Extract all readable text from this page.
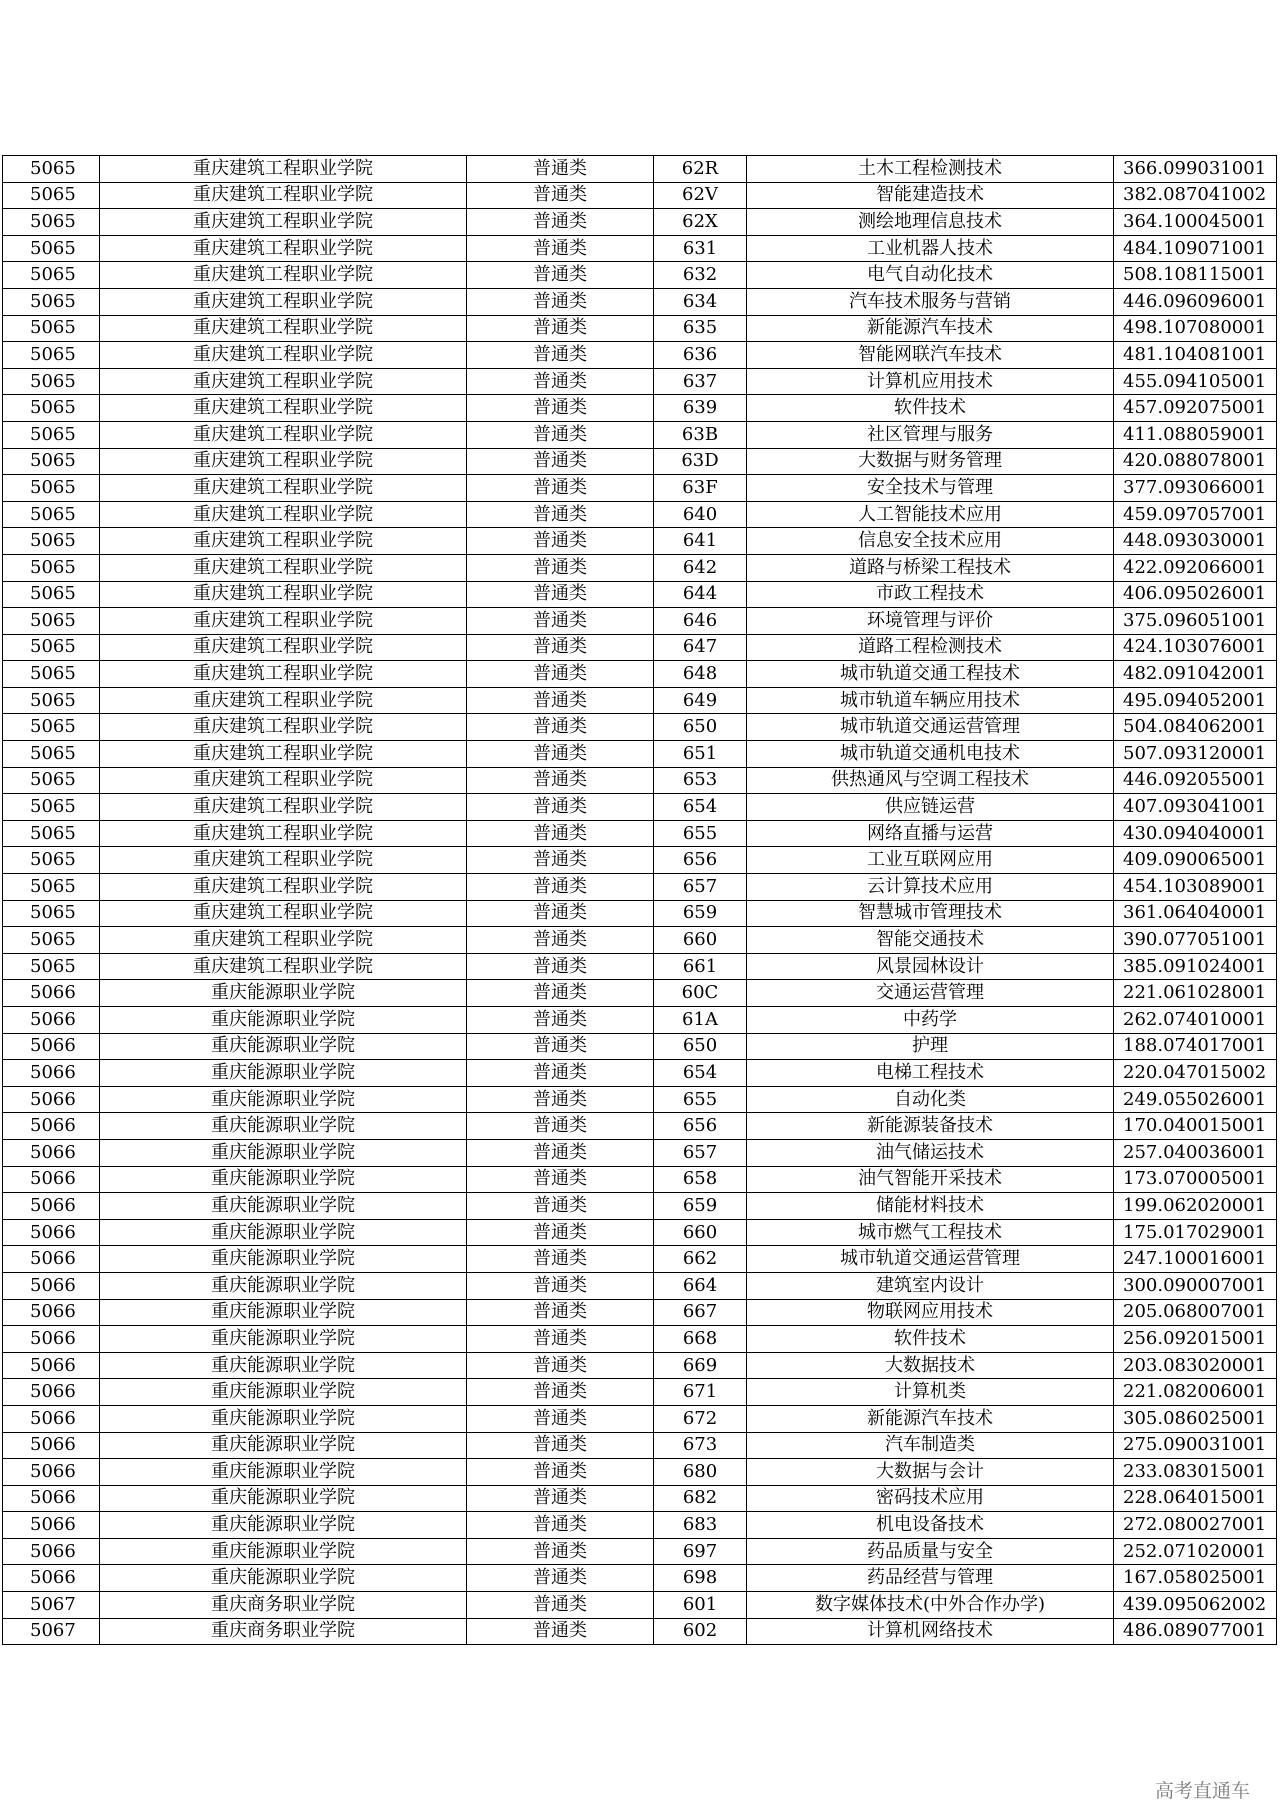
5065	重庆建筑工程职业学院	普通类	62R	土木工程检测技术	366.099031001
5065	重庆建筑工程职业学院	普通类	62V	智能建造技术	382.087041002
5065	重庆建筑工程职业学院	普通类	62X	测绘地理信息技术	364.100045001
5065	重庆建筑工程职业学院	普通类	631	工业机器人技术	484.109071001
5065	重庆建筑工程职业学院	普通类	632	电气自动化技术	508.108115001
5065	重庆建筑工程职业学院	普通类	634	汽车技术服务与营销	446.096096001
5065	重庆建筑工程职业学院	普通类	635	新能源汽车技术	498.107080001
5065	重庆建筑工程职业学院	普通类	636	智能网联汽车技术	481.104081001
5065	重庆建筑工程职业学院	普通类	637	计算机应用技术	455.094105001
5065	重庆建筑工程职业学院	普通类	639	软件技术	457.092075001
5065	重庆建筑工程职业学院	普通类	63B	社区管理与服务	411.088059001
5065	重庆建筑工程职业学院	普通类	63D	大数据与财务管理	420.088078001
5065	重庆建筑工程职业学院	普通类	63F	安全技术与管理	377.093066001
5065	重庆建筑工程职业学院	普通类	640	人工智能技术应用	459.097057001
5065	重庆建筑工程职业学院	普通类	641	信息安全技术应用	448.093030001
5065	重庆建筑工程职业学院	普通类	642	道路与桥梁工程技术	422.092066001
5065	重庆建筑工程职业学院	普通类	644	市政工程技术	406.095026001
5065	重庆建筑工程职业学院	普通类	646	环境管理与评价	375.096051001
5065	重庆建筑工程职业学院	普通类	647	道路工程检测技术	424.103076001
5065	重庆建筑工程职业学院	普通类	648	城市轨道交通工程技术	482.091042001
5065	重庆建筑工程职业学院	普通类	649	城市轨道车辆应用技术	495.094052001
5065	重庆建筑工程职业学院	普通类	650	城市轨道交通运营管理	504.084062001
5065	重庆建筑工程职业学院	普通类	651	城市轨道交通机电技术	507.093120001
5065	重庆建筑工程职业学院	普通类	653	供热通风与空调工程技术	446.092055001
5065	重庆建筑工程职业学院	普通类	654	供应链运营	407.093041001
5065	重庆建筑工程职业学院	普通类	655	网络直播与运营	430.094040001
5065	重庆建筑工程职业学院	普通类	656	工业互联网应用	409.090065001
5065	重庆建筑工程职业学院	普通类	657	云计算技术应用	454.103089001
5065	重庆建筑工程职业学院	普通类	659	智慧城市管理技术	361.064040001
5065	重庆建筑工程职业学院	普通类	660	智能交通技术	390.077051001
5065	重庆建筑工程职业学院	普通类	661	风景园林设计	385.091024001
5066	重庆能源职业学院	普通类	60C	交通运营管理	221.061028001
5066	重庆能源职业学院	普通类	61A	中药学	262.074010001
5066	重庆能源职业学院	普通类	650	护理	188.074017001
5066	重庆能源职业学院	普通类	654	电梯工程技术	220.047015002
5066	重庆能源职业学院	普通类	655	自动化类	249.055026001
5066	重庆能源职业学院	普通类	656	新能源装备技术	170.040015001
5066	重庆能源职业学院	普通类	657	油气储运技术	257.040036001
5066	重庆能源职业学院	普通类	658	油气智能开采技术	173.070005001
5066	重庆能源职业学院	普通类	659	储能材料技术	199.062020001
5066	重庆能源职业学院	普通类	660	城市燃气工程技术	175.017029001
5066	重庆能源职业学院	普通类	662	城市轨道交通运营管理	247.100016001
5066	重庆能源职业学院	普通类	664	建筑室内设计	300.090007001
5066	重庆能源职业学院	普通类	667	物联网应用技术	205.068007001
5066	重庆能源职业学院	普通类	668	软件技术	256.092015001
5066	重庆能源职业学院	普通类	669	大数据技术	203.083020001
5066	重庆能源职业学院	普通类	671	计算机类	221.082006001
5066	重庆能源职业学院	普通类	672	新能源汽车技术	305.086025001
5066	重庆能源职业学院	普通类	673	汽车制造类	275.090031001
5066	重庆能源职业学院	普通类	680	大数据与会计	233.083015001
5066	重庆能源职业学院	普通类	682	密码技术应用	228.064015001
5066	重庆能源职业学院	普通类	683	机电设备技术	272.080027001
5066	重庆能源职业学院	普通类	697	药品质量与安全	252.071020001
5066	重庆能源职业学院	普通类	698	药品经营与管理	167.058025001
5067	重庆商务职业学院	普通类	601	数字媒体技术(中外合作办学)	439.095062002
5067	重庆商务职业学院	普通类	602	计算机网络技术	486.089077001
高考直通车
